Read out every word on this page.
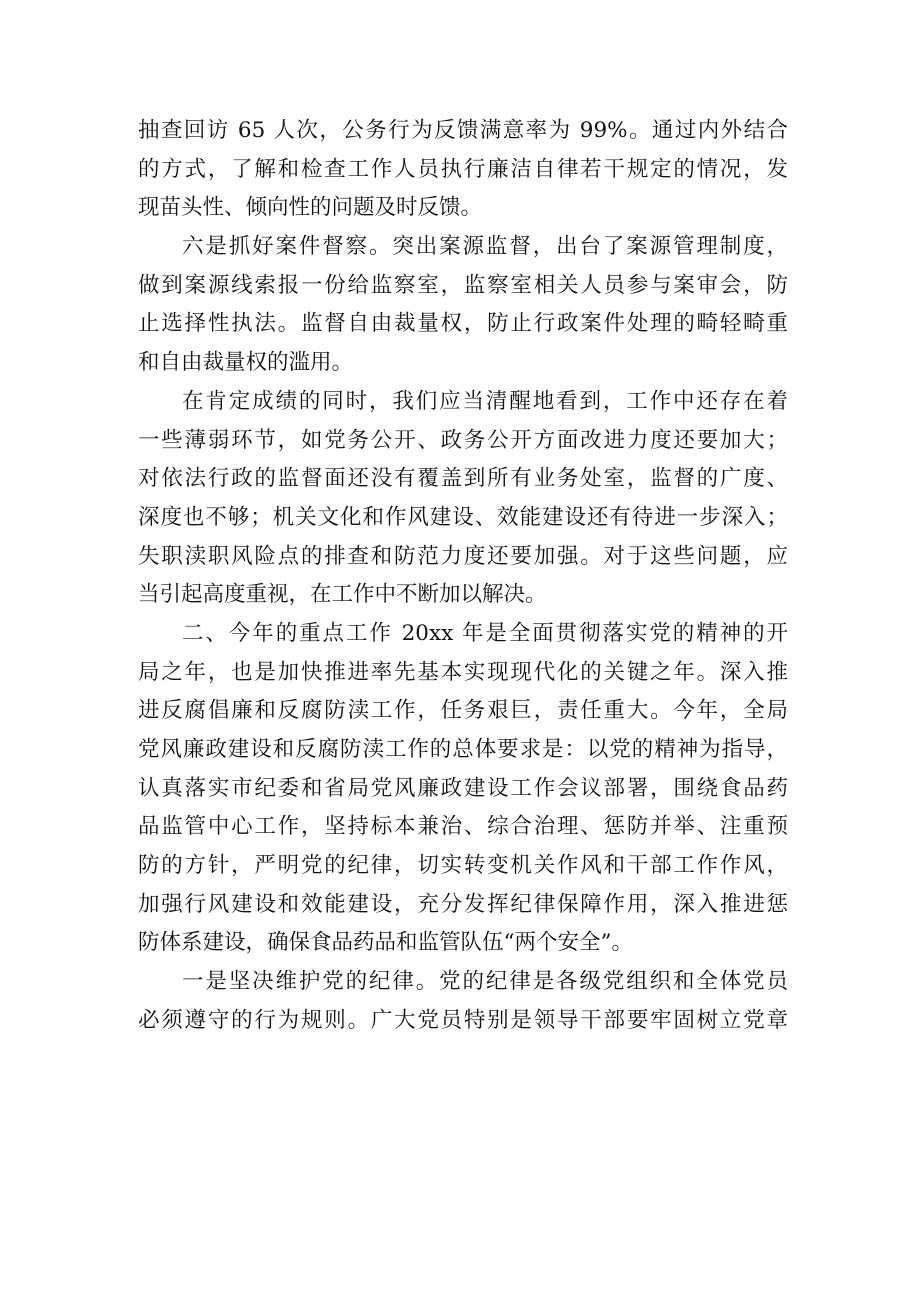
抽查回访 65 人次，公务行为反馈满意率为 99%。通过内外结合
的方式，了解和检查工作人员执行廉洁自律若干规定的情况，发
现苗头性、倾向性的问题及时反馈。
六是抓好案件督察。突出案源监督，出台了案源管理制度，
做到案源线索报一份给监察室，监察室相关人员参与案审会，防
止选择性执法。监督自由裁量权，防止行政案件处理的畸轻畸重
和自由裁量权的滥用。
在肯定成绩的同时，我们应当清醒地看到，工作中还存在着
一些薄弱环节，如党务公开、政务公开方面改进力度还要加大；
对依法行政的监督面还没有覆盖到所有业务处室，监督的广度、
深度也不够；机关文化和作风建设、效能建设还有待进一步深入；
失职渎职风险点的排查和防范力度还要加强。对于这些问题，应
当引起高度重视，在工作中不断加以解决。
二、今年的重点工作 20xx 年是全面贯彻落实党的精神的开
局之年，也是加快推进率先基本实现现代化的关键之年。深入推
进反腐倡廉和反腐防渎工作，任务艰巨，责任重大。今年，全局
党风廉政建设和反腐防渎工作的总体要求是：以党的精神为指导，
认真落实市纪委和省局党风廉政建设工作会议部署，围绕食品药
品监管中心工作，坚持标本兼治、综合治理、惩防并举、注重预
防的方针，严明党的纪律，切实转变机关作风和干部工作作风，
加强行风建设和效能建设，充分发挥纪律保障作用，深入推进惩
防体系建设，确保食品药品和监管队伍“两个安全”。
一是坚决维护党的纪律。党的纪律是各级党组织和全体党员
必须遵守的行为规则。广大党员特别是领导干部要牢固树立党章
